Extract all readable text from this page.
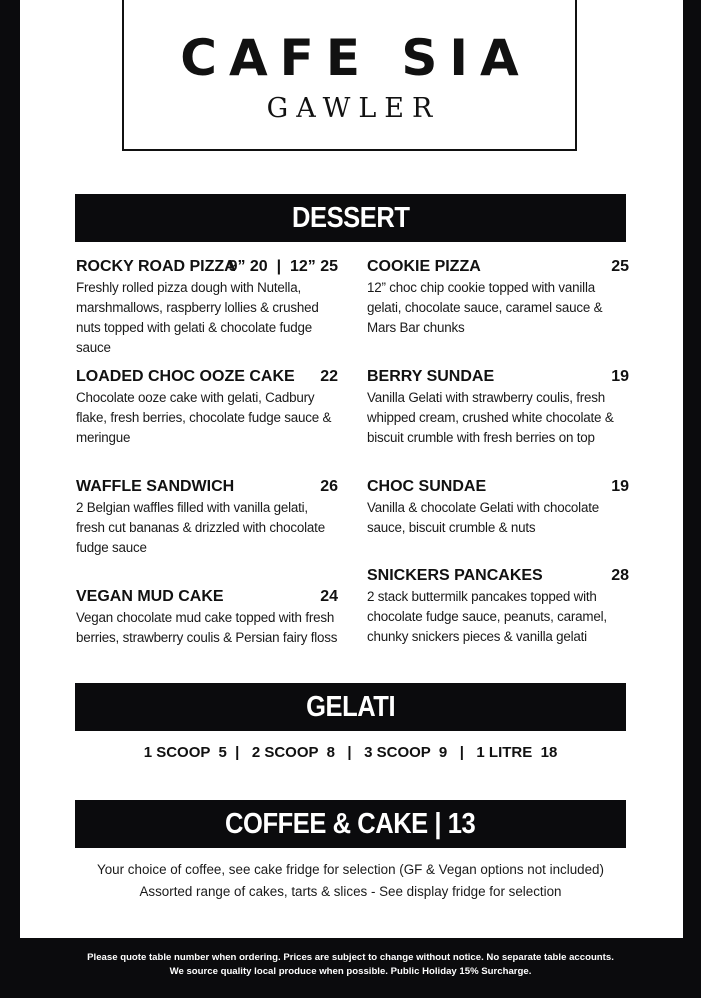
CAFE SIA
GAWLER
DESSERT
ROCKY ROAD PIZZA
9” 20  |  12” 25
Freshly rolled pizza dough with Nutella, marshmallows, raspberry lollies & crushed nuts topped with gelati & chocolate fudge sauce
LOADED CHOC OOZE CAKE 22
Chocolate ooze cake with gelati, Cadbury flake, fresh berries, chocolate fudge sauce & meringue
WAFFLE SANDWICH	26
2 Belgian waffles filled with vanilla gelati, fresh cut bananas & drizzled with chocolate fudge sauce
VEGAN MUD CAKE	24
Vegan chocolate mud cake topped with fresh berries, strawberry coulis & Persian fairy floss
COOKIE PIZZA	25
12” choc chip cookie topped with vanilla gelati, chocolate sauce, caramel sauce & Mars Bar chunks
BERRY SUNDAE	19
Vanilla Gelati with strawberry coulis, fresh whipped cream, crushed white chocolate & biscuit crumble with fresh berries on top
CHOC SUNDAE	19
Vanilla & chocolate Gelati with chocolate sauce, biscuit crumble & nuts
SNICKERS PANCAKES	28
2 stack buttermilk pancakes topped with chocolate fudge sauce, peanuts, caramel, chunky snickers pieces & vanilla gelati
GELATI
1 SCOOP  5  |   2 SCOOP  8   |   3 SCOOP  9   |   1 LITRE  18
COFFEE & CAKE | 13
Your choice of coffee, see cake fridge for selection (GF & Vegan options not included)
Assorted range of cakes, tarts & slices - See display fridge for selection
Please quote table number when ordering. Prices are subject to change without notice. No separate table accounts.
We source quality local produce when possible. Public Holiday 15% Surcharge.
